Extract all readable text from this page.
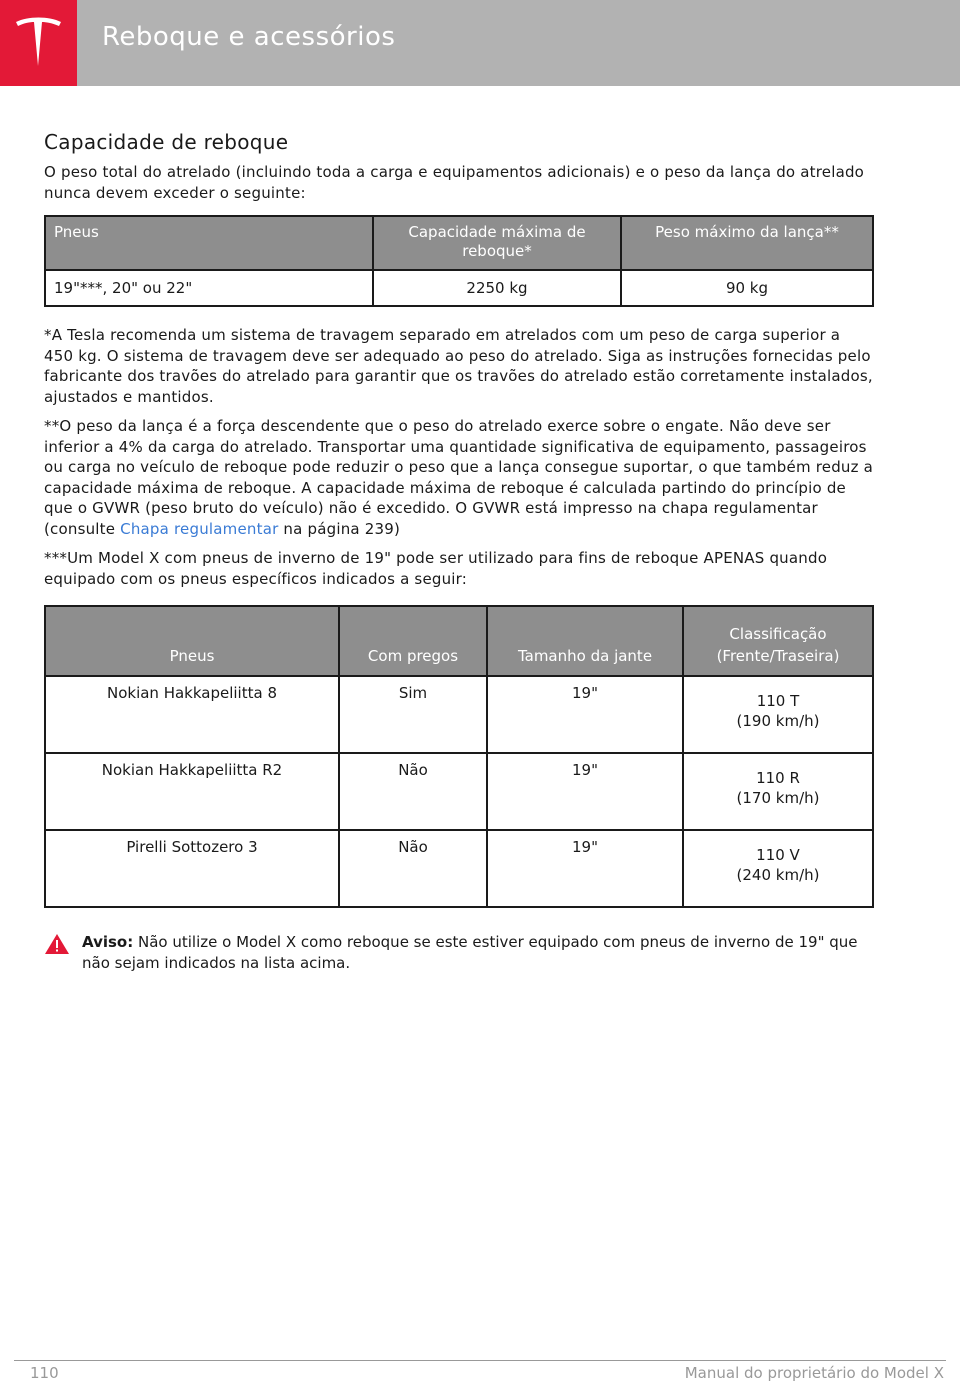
Reboque e acessórios
Capacidade de reboque

O peso total do atrelado (incluindo toda a carga e equipamentos adicionais) e o peso da lança do atrelado nunca devem exceder o seguinte:

Pneus	Capacidade máxima de reboque*	Peso máximo da lança**
19"***, 20" ou 22"	2250 kg	90 kg

*A Tesla recomenda um sistema de travagem separado em atrelados com um peso de carga superior a 450 kg. O sistema de travagem deve ser adequado ao peso do atrelado. Siga as instruções fornecidas pelo fabricante dos travões do atrelado para garantir que os travões do atrelado estão corretamente instalados, ajustados e mantidos.

**O peso da lança é a força descendente que o peso do atrelado exerce sobre o engate. Não deve ser inferior a 4% da carga do atrelado. Transportar uma quantidade significativa de equipamento, passageiros ou carga no veículo de reboque pode reduzir o peso que a lança consegue suportar, o que também reduz a capacidade máxima de reboque. A capacidade máxima de reboque é calculada partindo do princípio de que o GVWR (peso bruto do veículo) não é excedido. O GVWR está impresso na chapa regulamentar (consulte Chapa regulamentar na página 239)

***Um Model X com pneus de inverno de 19" pode ser utilizado para fins de reboque APENAS quando equipado com os pneus específicos indicados a seguir:

Pneus	Com pregos	Tamanho da jante	Classificação (Frente/Traseira)
Nokian Hakkapeliitta 8	Sim	19"	110 T
(190 km/h)
Nokian Hakkapeliitta R2	Não	19"	110 R
(170 km/h)
Pirelli Sottozero 3	Não	19"	110 V
(240 km/h)
Aviso: Não utilize o Model X como reboque se este estiver equipado com pneus de inverno de 19" que não sejam indicados na lista acima.
110	Manual do proprietário do Model X
